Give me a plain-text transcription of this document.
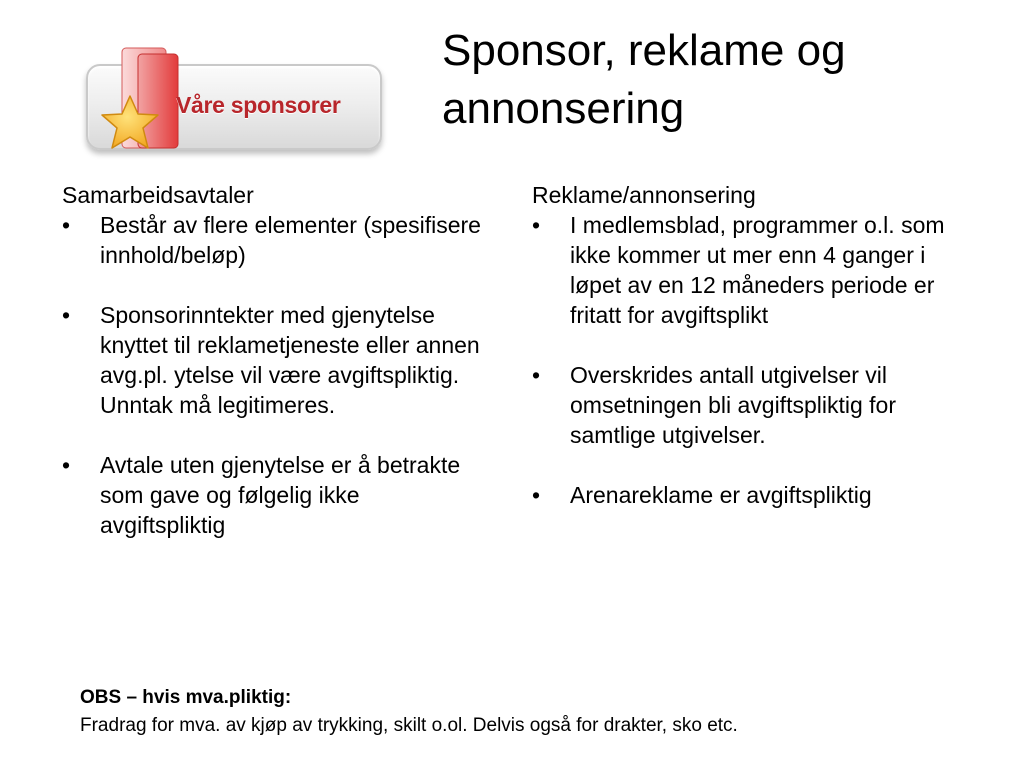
Våre sponsorer
Sponsor, reklame og
annonsering
Samarbeidsavtaler
• Består av flere elementer (spesifisere innhold/beløp)
• Sponsorinntekter med gjenytelse knyttet til reklametjeneste eller annen avg.pl. ytelse vil være avgiftspliktig. Unntak må legitimeres.
• Avtale uten gjenytelse er å betrakte som gave og følgelig ikke avgiftspliktig
Reklame/annonsering
• I medlemsblad, programmer o.l. som ikke kommer ut mer enn 4 ganger i løpet av en 12 måneders periode er fritatt for avgiftsplikt
• Overskrides antall utgivelser vil omsetningen bli avgiftspliktig for samtlige utgivelser.
• Arenareklame er avgiftspliktig
OBS – hvis mva.pliktig:
Fradrag for mva. av kjøp av trykking, skilt o.ol. Delvis også for drakter, sko etc.
